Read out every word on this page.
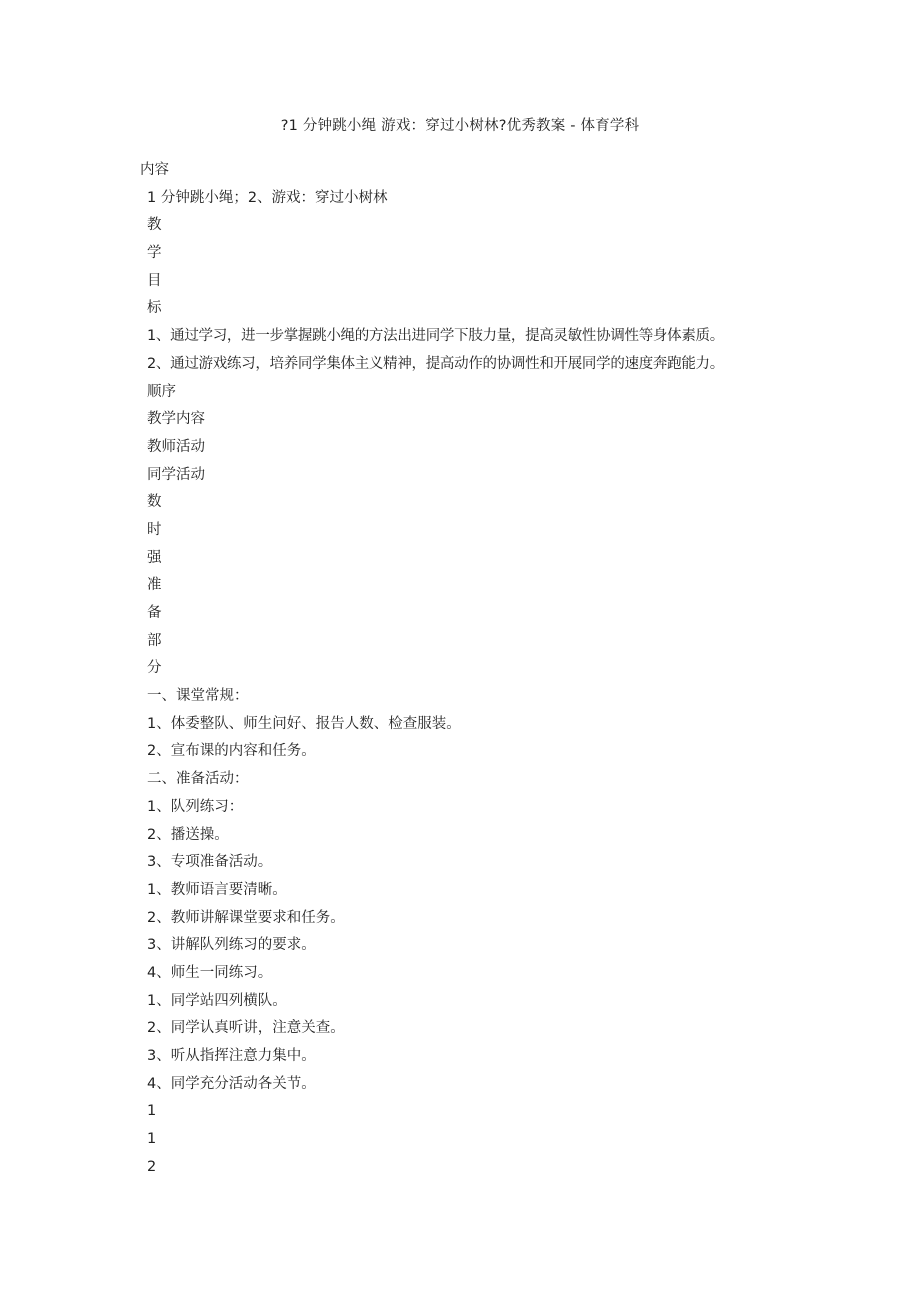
?1 分钟跳小绳 游戏：穿过小树林?优秀教案 - 体育学科
内容
1 分钟跳小绳；2、游戏：穿过小树林
教
学
目
标
1、通过学习，进一步掌握跳小绳的方法出进同学下肢力量，提高灵敏性协调性等身体素质。
2、通过游戏练习，培养同学集体主义精神，提高动作的协调性和开展同学的速度奔跑能力。
顺序
教学内容
教师活动
同学活动
数
时
强
准
备
部
分
一、课堂常规：
1、体委整队、师生问好、报告人数、检查服装。
2、宣布课的内容和任务。
二、准备活动：
1、队列练习：
2、播送操。
3、专项准备活动。
1、教师语言要清晰。
2、教师讲解课堂要求和任务。
3、讲解队列练习的要求。
4、师生一同练习。
1、同学站四列横队。
2、同学认真听讲，注意关查。
3、听从指挥注意力集中。
4、同学充分活动各关节。
1
1
2
